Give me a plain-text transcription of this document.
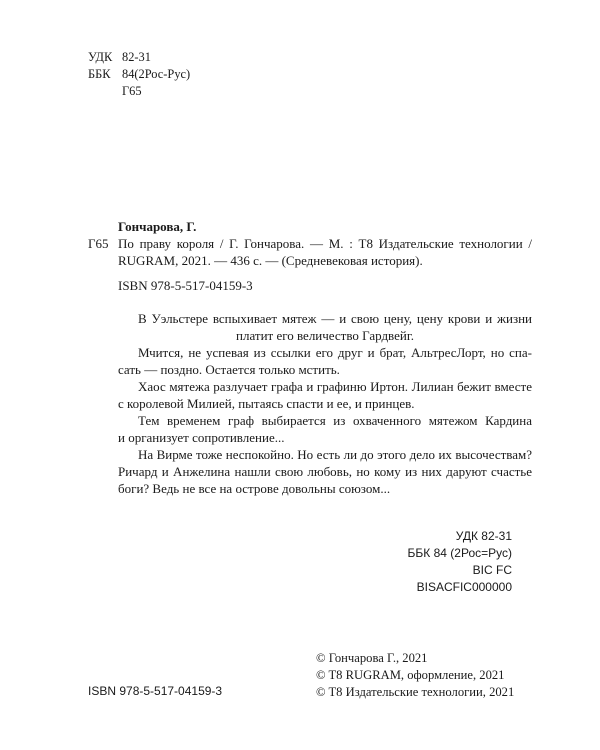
УДК 82-31
ББК 84(2Рос-Рус)
Г65
Гончарова, Г.
Г65 По праву короля / Г. Гончарова. — М. : T8 Издательские технологии /
RUGRAM, 2021. — 436 с. — (Средневековая история).
ISBN 978-5-517-04159-3
В Уэльстере вспыхивает мятеж — и свою цену, цену крови и жизни
платит его величество Гардвейг.
Мчится, не успевая из ссылки его друг и брат, АльтресЛорт, но спа-
сать — поздно. Остается только мстить.
Хаос мятежа разлучает графа и графиню Иртон. Лилиан бежит вместе
с королевой Милией, пытаясь спасти и ее, и принцев.
Тем временем граф выбирается из охваченного мятежом Кардина
и организует сопротивление...
На Вирме тоже неспокойно. Но есть ли до этого дело их высочествам?
Ричард и Анжелина нашли свою любовь, но кому из них даруют счастье
боги? Ведь не все на острове довольны союзом...
УДК 82-31
ББК 84 (2Рос=Рус)
BIC FC
BISACFIC000000
ISBN 978-5-517-04159-3
© Гончарова Г., 2021
© T8 RUGRAM, оформление, 2021
© T8 Издательские технологии, 2021
